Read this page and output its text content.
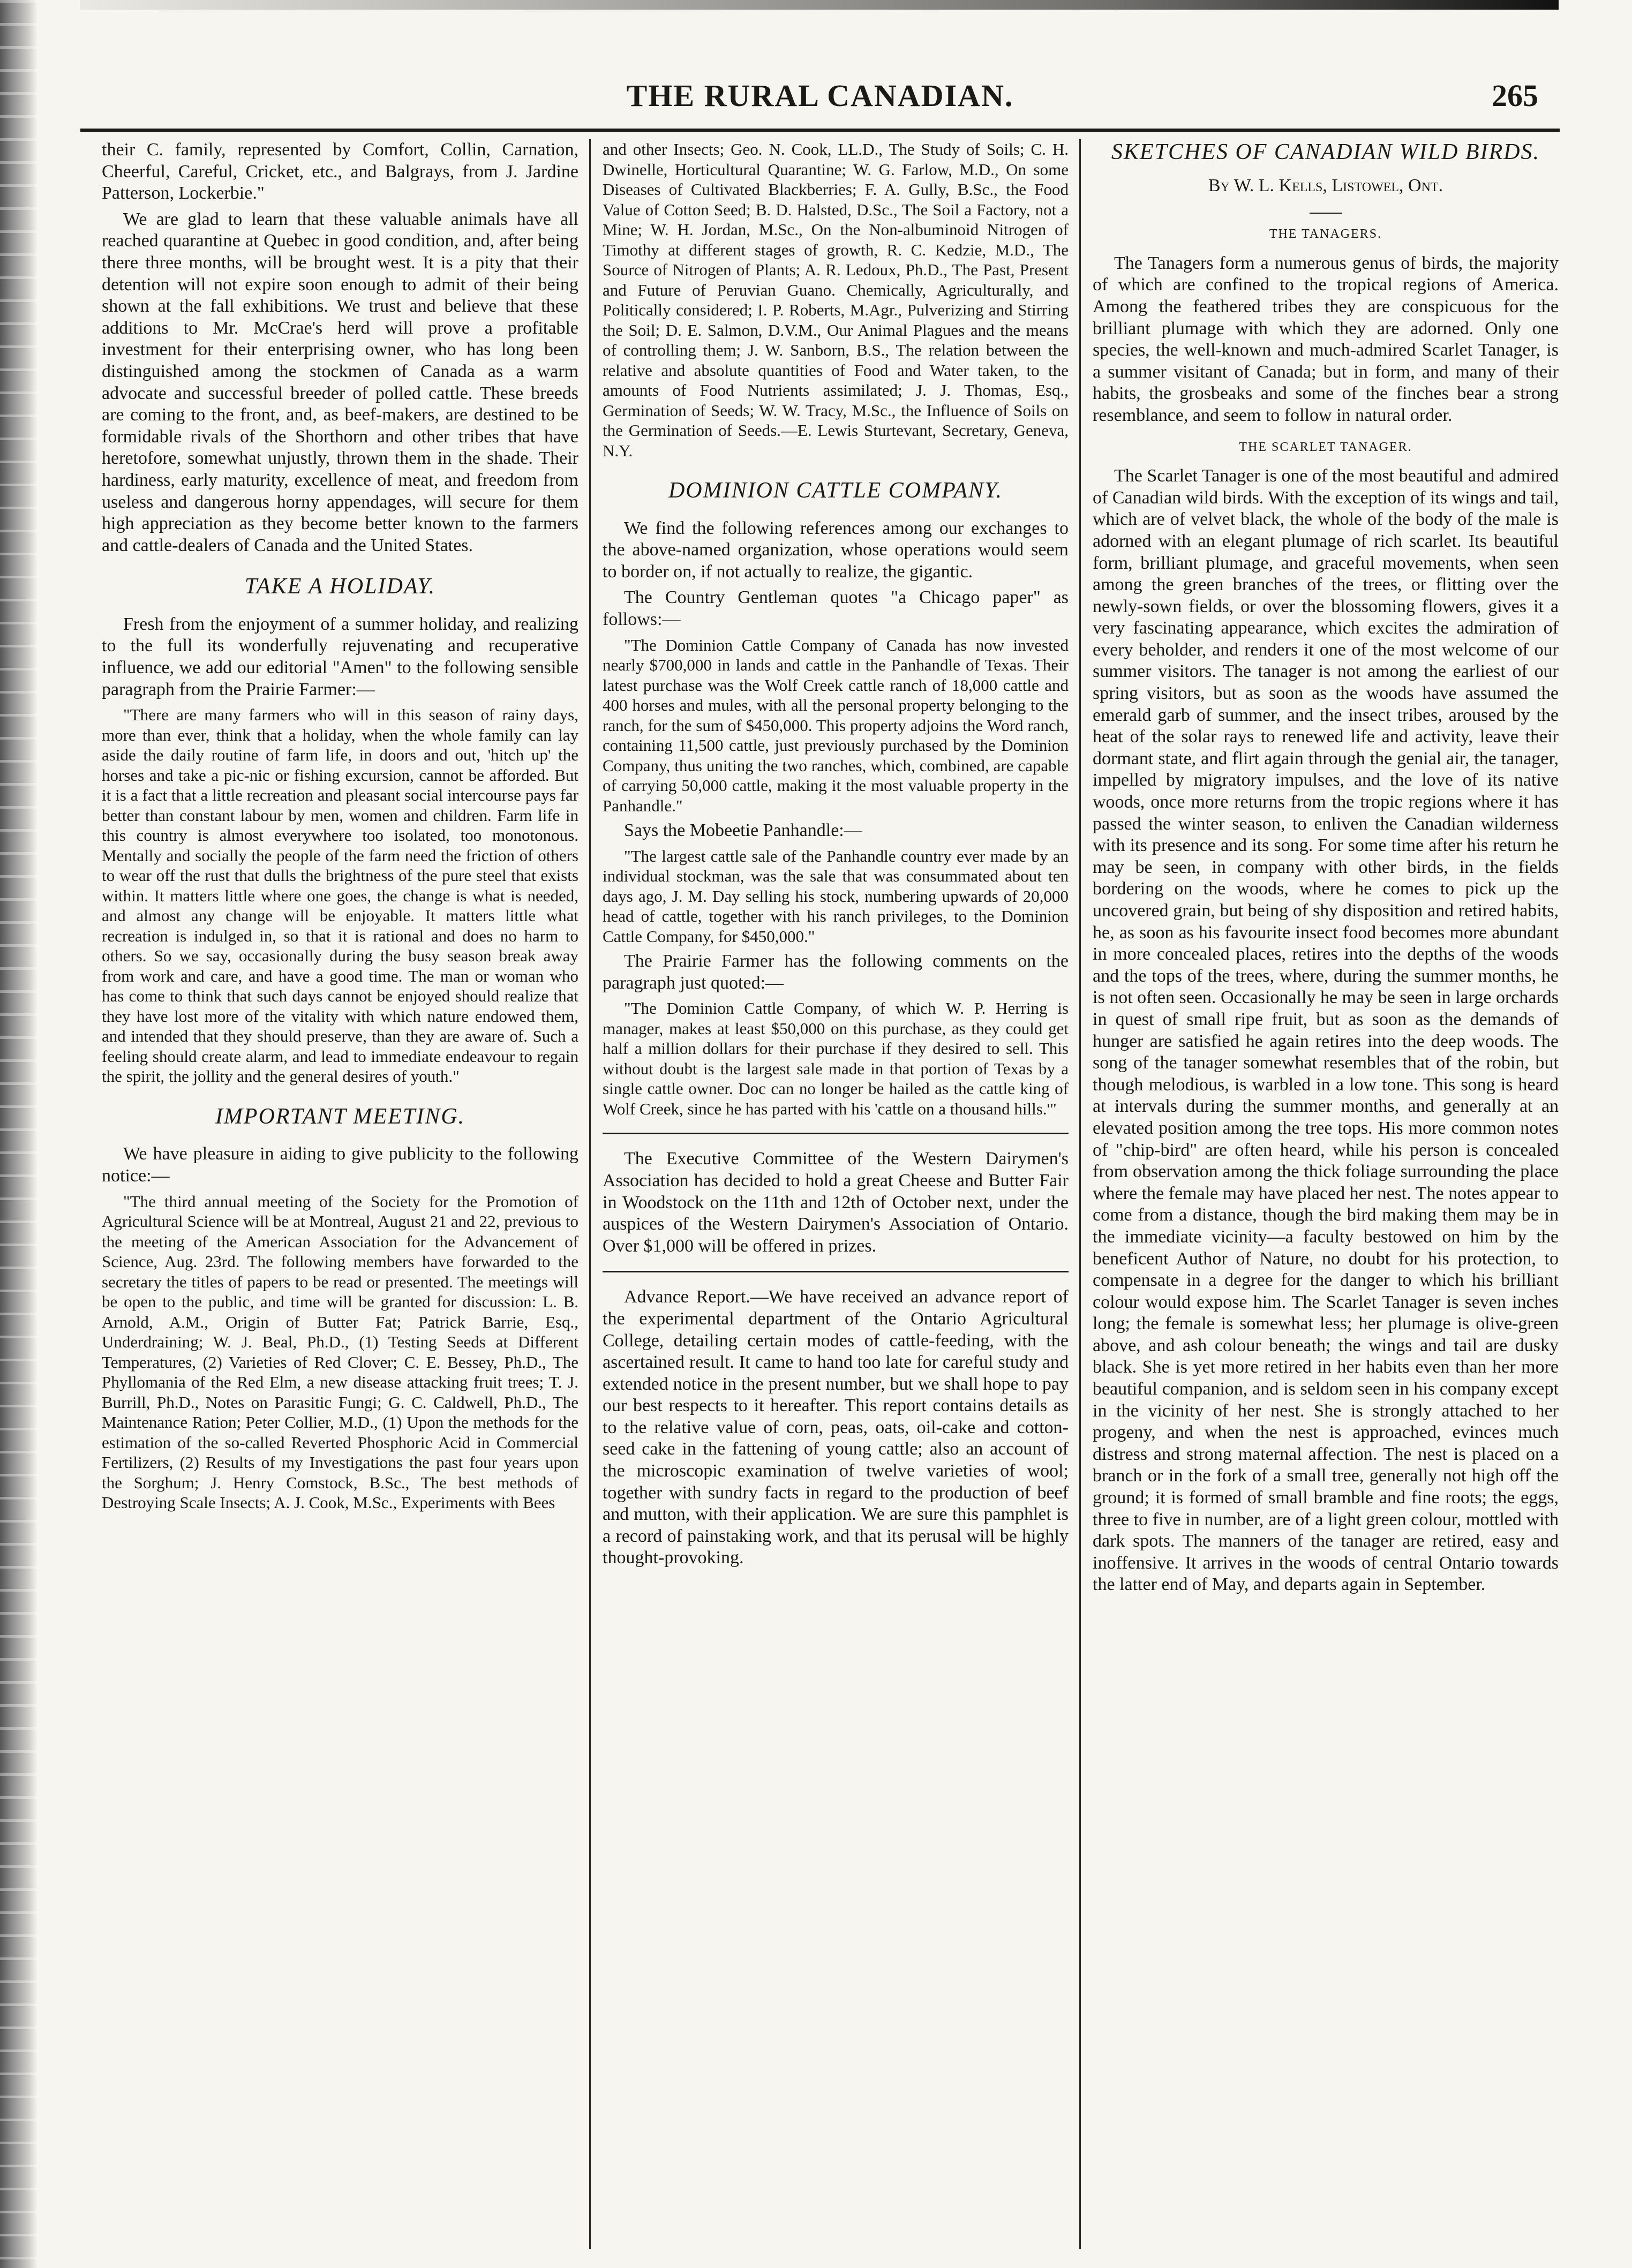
THE RURAL CANADIAN.	265

their C. family, represented by Comfort, Collin, Carnation, Cheerful, Careful, Cricket, etc., and Balgrays, from J. Jardine Patterson, Lockerbie."

We are glad to learn that these valuable animals have all reached quarantine at Quebec in good condition, and, after being there three months, will be brought west. It is a pity that their detention will not expire soon enough to admit of their being shown at the fall exhibitions. We trust and believe that these additions to Mr. McCrae's herd will prove a profitable investment for their enterprising owner, who has long been distinguished among the stockmen of Canada as a warm advocate and successful breeder of polled cattle. These breeds are coming to the front, and, as beef-makers, are destined to be formidable rivals of the Shorthorn and other tribes that have heretofore, somewhat unjustly, thrown them in the shade. Their hardiness, early maturity, excellence of meat, and freedom from useless and dangerous horny appendages, will secure for them high appreciation as they become better known to the farmers and cattle-dealers of Canada and the United States.

TAKE A HOLIDAY.

Fresh from the enjoyment of a summer holiday, and realizing to the full its wonderfully rejuvenating and recuperative influence, we add our editorial "Amen" to the following sensible paragraph from the Prairie Farmer:—

"There are many farmers who will in this season of rainy days, more than ever, think that a holiday, when the whole family can lay aside the daily routine of farm life, in doors and out, 'hitch up' the horses and take a pic-nic or fishing excursion, cannot be afforded. But it is a fact that a little recreation and pleasant social intercourse pays far better than constant labour by men, women and children. Farm life in this country is almost everywhere too isolated, too monotonous. Mentally and socially the people of the farm need the friction of others to wear off the rust that dulls the brightness of the pure steel that exists within. It matters little where one goes, the change is what is needed, and almost any change will be enjoyable. It matters little what recreation is indulged in, so that it is rational and does no harm to others. So we say, occasionally during the busy season break away from work and care, and have a good time. The man or woman who has come to think that such days cannot be enjoyed should realize that they have lost more of the vitality with which nature endowed them, and intended that they should preserve, than they are aware of. Such a feeling should create alarm, and lead to immediate endeavour to regain the spirit, the jollity and the general desires of youth."

IMPORTANT MEETING.

We have pleasure in aiding to give publicity to the following notice:—

"The third annual meeting of the Society for the Promotion of Agricultural Science will be at Montreal, August 21 and 22, previous to the meeting of the American Association for the Advancement of Science, Aug. 23rd. The following members have forwarded to the secretary the titles of papers to be read or presented. The meetings will be open to the public, and time will be granted for discussion: L. B. Arnold, A.M., Origin of Butter Fat; Patrick Barrie, Esq., Underdraining; W. J. Beal, Ph.D., (1) Testing Seeds at Different Temperatures, (2) Varieties of Red Clover; C. E. Bessey, Ph.D., The Phyllomania of the Red Elm, a new disease attacking fruit trees; T. J. Burrill, Ph.D., Notes on Parasitic Fungi; G. C. Caldwell, Ph.D., The Maintenance Ration; Peter Collier, M.D., (1) Upon the methods for the estimation of the so-called Reverted Phosphoric Acid in Commercial Fertilizers, (2) Results of my Investigations the past four years upon the Sorghum; J. Henry Comstock, B.Sc., The best methods of Destroying Scale Insects; A. J. Cook, M.Sc., Experiments with Bees

and other Insects; Geo. N. Cook, LL.D., The Study of Soils; C. H. Dwinelle, Horticultural Quarantine; W. G. Farlow, M.D., On some Diseases of Cultivated Blackberries; F. A. Gully, B.Sc., the Food Value of Cotton Seed; B. D. Halsted, D.Sc., The Soil a Factory, not a Mine; W. H. Jordan, M.Sc., On the Non-albuminoid Nitrogen of Timothy at different stages of growth, R. C. Kedzie, M.D., The Source of Nitrogen of Plants; A. R. Ledoux, Ph.D., The Past, Present and Future of Peruvian Guano. Chemically, Agriculturally, and Politically considered; I. P. Roberts, M.Agr., Pulverizing and Stirring the Soil; D. E. Salmon, D.V.M., Our Animal Plagues and the means of controlling them; J. W. Sanborn, B.S., The relation between the relative and absolute quantities of Food and Water taken, to the amounts of Food Nutrients assimilated; J. J. Thomas, Esq., Germination of Seeds; W. W. Tracy, M.Sc., the Influence of Soils on the Germination of Seeds.—E. Lewis Sturtevant, Secretary, Geneva, N.Y.

DOMINION CATTLE COMPANY.

We find the following references among our exchanges to the above-named organization, whose operations would seem to border on, if not actually to realize, the gigantic.

The Country Gentleman quotes "a Chicago paper" as follows:—

"The Dominion Cattle Company of Canada has now invested nearly $700,000 in lands and cattle in the Panhandle of Texas. Their latest purchase was the Wolf Creek cattle ranch of 18,000 cattle and 400 horses and mules, with all the personal property belonging to the ranch, for the sum of $450,000. This property adjoins the Word ranch, containing 11,500 cattle, just previously purchased by the Dominion Company, thus uniting the two ranches, which, combined, are capable of carrying 50,000 cattle, making it the most valuable property in the Panhandle."

Says the Mobeetie Panhandle:—

"The largest cattle sale of the Panhandle country ever made by an individual stockman, was the sale that was consummated about ten days ago, J. M. Day selling his stock, numbering upwards of 20,000 head of cattle, together with his ranch privileges, to the Dominion Cattle Company, for $450,000."

The Prairie Farmer has the following comments on the paragraph just quoted:—

"The Dominion Cattle Company, of which W. P. Herring is manager, makes at least $50,000 on this purchase, as they could get half a million dollars for their purchase if they desired to sell. This without doubt is the largest sale made in that portion of Texas by a single cattle owner. Doc can no longer be hailed as the cattle king of Wolf Creek, since he has parted with his 'cattle on a thousand hills.'"

The Executive Committee of the Western Dairymen's Association has decided to hold a great Cheese and Butter Fair in Woodstock on the 11th and 12th of October next, under the auspices of the Western Dairymen's Association of Ontario. Over $1,000 will be offered in prizes.

Advance Report.—We have received an advance report of the experimental department of the Ontario Agricultural College, detailing certain modes of cattle-feeding, with the ascertained result. It came to hand too late for careful study and extended notice in the present number, but we shall hope to pay our best respects to it hereafter. This report contains details as to the relative value of corn, peas, oats, oil-cake and cotton-seed cake in the fattening of young cattle; also an account of the microscopic examination of twelve varieties of wool; together with sundry facts in regard to the production of beef and mutton, with their application. We are sure this pamphlet is a record of painstaking work, and that its perusal will be highly thought-provoking.

SKETCHES OF CANADIAN WILD BIRDS.
By W. L. Kells, Listowel, Ont.
THE TANAGERS.

The Tanagers form a numerous genus of birds, the majority of which are confined to the tropical regions of America. Among the feathered tribes they are conspicuous for the brilliant plumage with which they are adorned. Only one species, the well-known and much-admired Scarlet Tanager, is a summer visitant of Canada; but in form, and many of their habits, the grosbeaks and some of the finches bear a strong resemblance, and seem to follow in natural order.

THE SCARLET TANAGER.

The Scarlet Tanager is one of the most beautiful and admired of Canadian wild birds. With the exception of its wings and tail, which are of velvet black, the whole of the body of the male is adorned with an elegant plumage of rich scarlet. Its beautiful form, brilliant plumage, and graceful movements, when seen among the green branches of the trees, or flitting over the newly-sown fields, or over the blossoming flowers, gives it a very fascinating appearance, which excites the admiration of every beholder, and renders it one of the most welcome of our summer visitors. The tanager is not among the earliest of our spring visitors, but as soon as the woods have assumed the emerald garb of summer, and the insect tribes, aroused by the heat of the solar rays to renewed life and activity, leave their dormant state, and flirt again through the genial air, the tanager, impelled by migratory impulses, and the love of its native woods, once more returns from the tropic regions where it has passed the winter season, to enliven the Canadian wilderness with its presence and its song. For some time after his return he may be seen, in company with other birds, in the fields bordering on the woods, where he comes to pick up the uncovered grain, but being of shy disposition and retired habits, he, as soon as his favourite insect food becomes more abundant in more concealed places, retires into the depths of the woods and the tops of the trees, where, during the summer months, he is not often seen. Occasionally he may be seen in large orchards in quest of small ripe fruit, but as soon as the demands of hunger are satisfied he again retires into the deep woods. The song of the tanager somewhat resembles that of the robin, but though melodious, is warbled in a low tone. This song is heard at intervals during the summer months, and generally at an elevated position among the tree tops. His more common notes of "chip-bird" are often heard, while his person is concealed from observation among the thick foliage surrounding the place where the female may have placed her nest. The notes appear to come from a distance, though the bird making them may be in the immediate vicinity—a faculty bestowed on him by the beneficent Author of Nature, no doubt for his protection, to compensate in a degree for the danger to which his brilliant colour would expose him. The Scarlet Tanager is seven inches long; the female is somewhat less; her plumage is olive-green above, and ash colour beneath; the wings and tail are dusky black. She is yet more retired in her habits even than her more beautiful companion, and is seldom seen in his company except in the vicinity of her nest. She is strongly attached to her progeny, and when the nest is approached, evinces much distress and strong maternal affection. The nest is placed on a branch or in the fork of a small tree, generally not high off the ground; it is formed of small bramble and fine roots; the eggs, three to five in number, are of a light green colour, mottled with dark spots. The manners of the tanager are retired, easy and inoffensive. It arrives in the woods of central Ontario towards the latter end of May, and departs again in September.
